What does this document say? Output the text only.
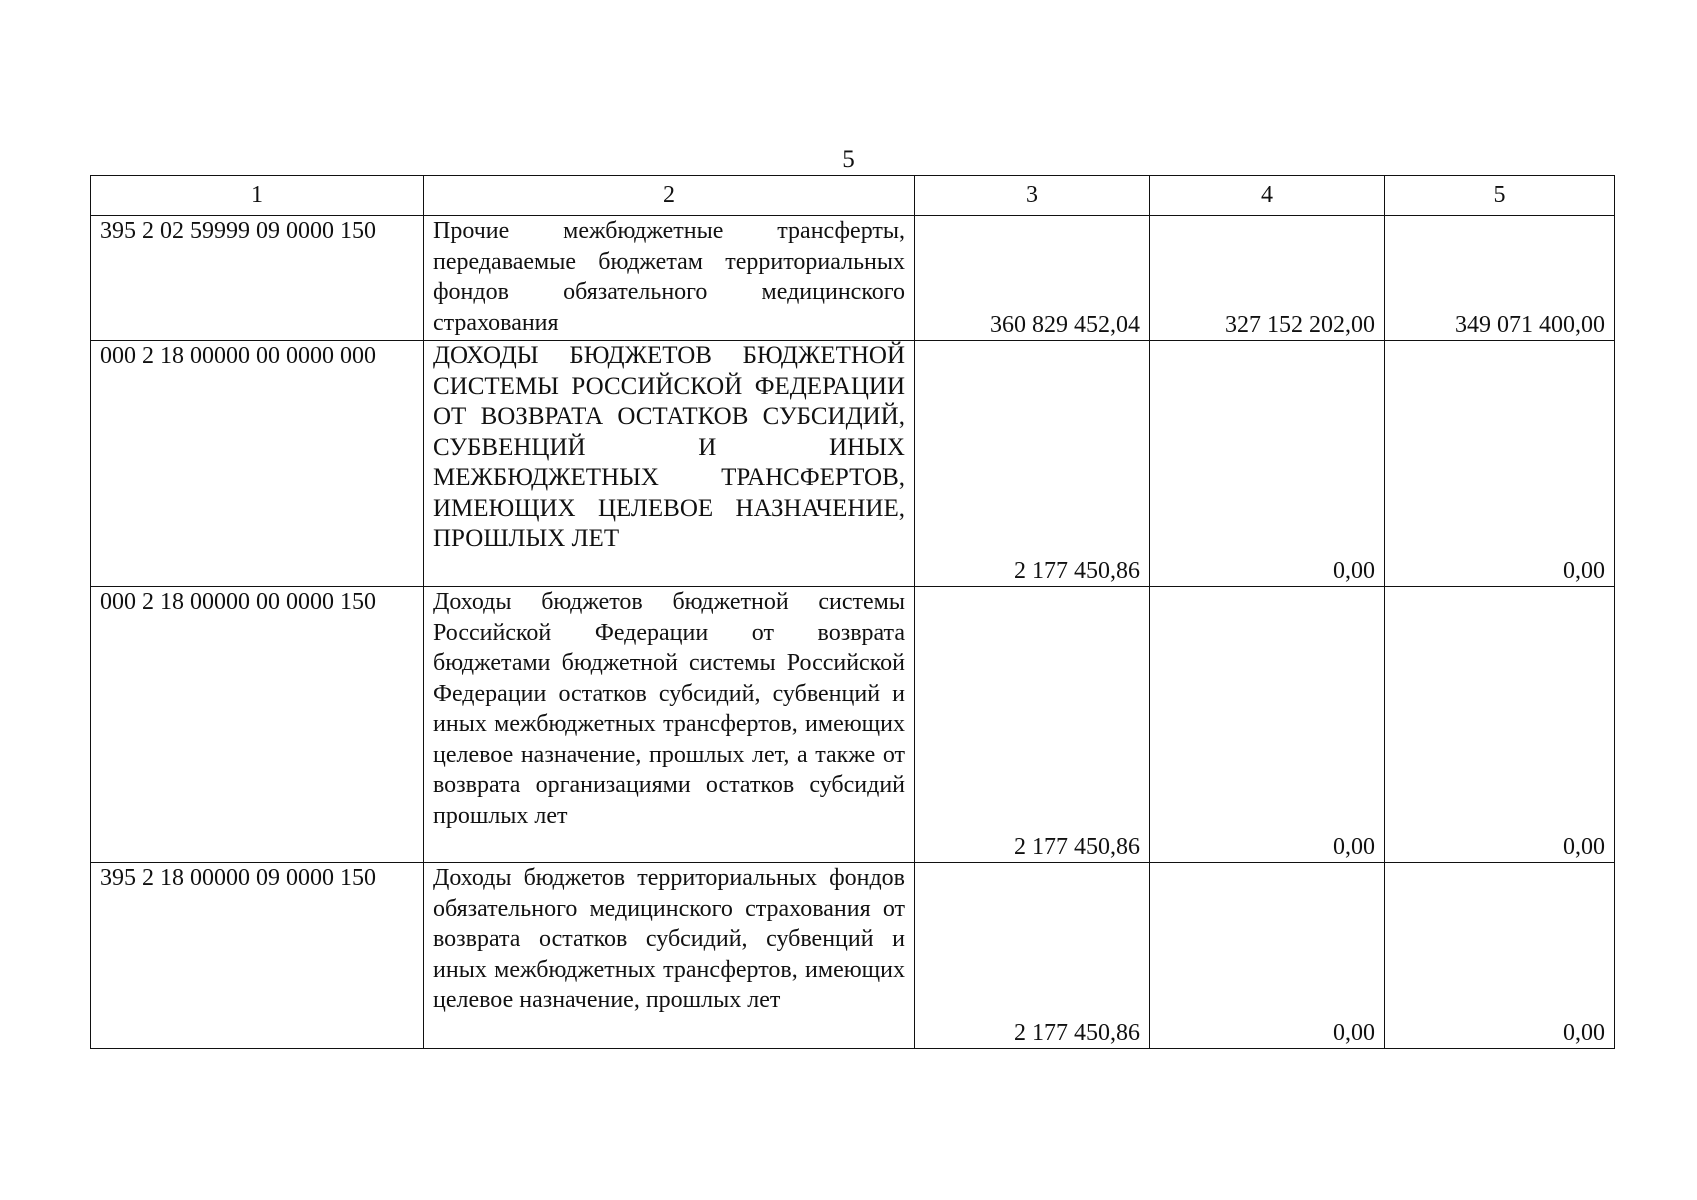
5
1	2	3	4	5
395 2 02 59999 09 0000 150	Прочие межбюджетные трансферты, передаваемые бюджетам территориальных фондов обязательного медицинского страхования	360 829 452,04	327 152 202,00	349 071 400,00
000 2 18 00000 00 0000 000	ДОХОДЫ БЮДЖЕТОВ БЮДЖЕТНОЙ СИСТЕМЫ РОССИЙСКОЙ ФЕДЕРАЦИИ ОТ ВОЗВРАТА ОСТАТКОВ СУБСИДИЙ, СУБВЕНЦИЙ И ИНЫХ МЕЖБЮДЖЕТНЫХ ТРАНСФЕРТОВ, ИМЕЮЩИХ ЦЕЛЕВОЕ НАЗНАЧЕНИЕ, ПРОШЛЫХ ЛЕТ	2 177 450,86	0,00	0,00
000 2 18 00000 00 0000 150	Доходы бюджетов бюджетной системы Российской Федерации от возврата бюджетами бюджетной системы Российской Федерации остатков субсидий, субвенций и иных межбюджетных трансфертов, имеющих целевое назначение, прошлых лет, а также от возврата организациями остатков субсидий прошлых лет	2 177 450,86	0,00	0,00
395 2 18 00000 09 0000 150	Доходы бюджетов территориальных фондов обязательного медицинского страхования от возврата остатков субсидий, субвенций и иных межбюджетных трансфертов, имеющих целевое назначение, прошлых лет	2 177 450,86	0,00	0,00
